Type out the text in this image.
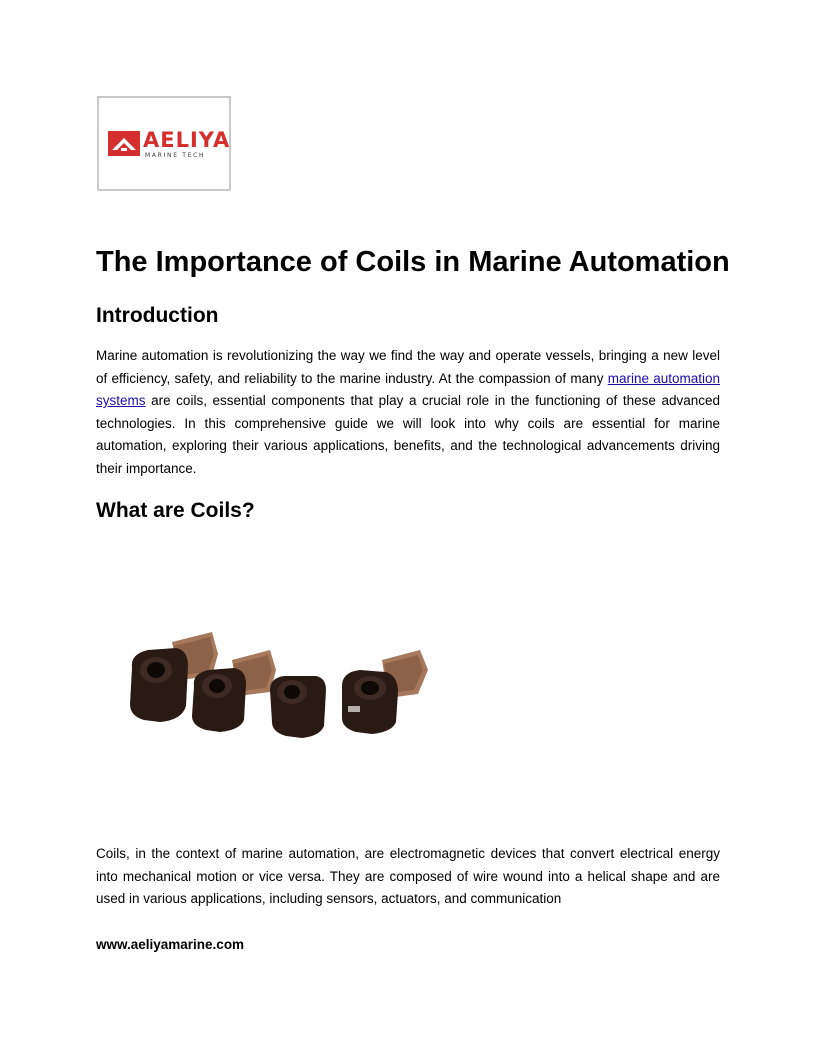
AELIYA
MARINE TECH
The Importance of Coils in Marine Automation
Introduction

Marine automation is revolutionizing the way we find the way and operate vessels, bringing a new level of efficiency, safety, and reliability to the marine industry. At the compassion of many marine automation systems are coils, essential components that play a crucial role in the functioning of these advanced technologies. In this comprehensive guide we will look into why coils are essential for marine automation, exploring their various applications, benefits, and the technological advancements driving their importance.

What are Coils?

Coils, in the context of marine automation, are electromagnetic devices that convert electrical energy into mechanical motion or vice versa. They are composed of wire wound into a helical shape and are used in various applications, including sensors, actuators, and communication

www.aeliyamarine.com
